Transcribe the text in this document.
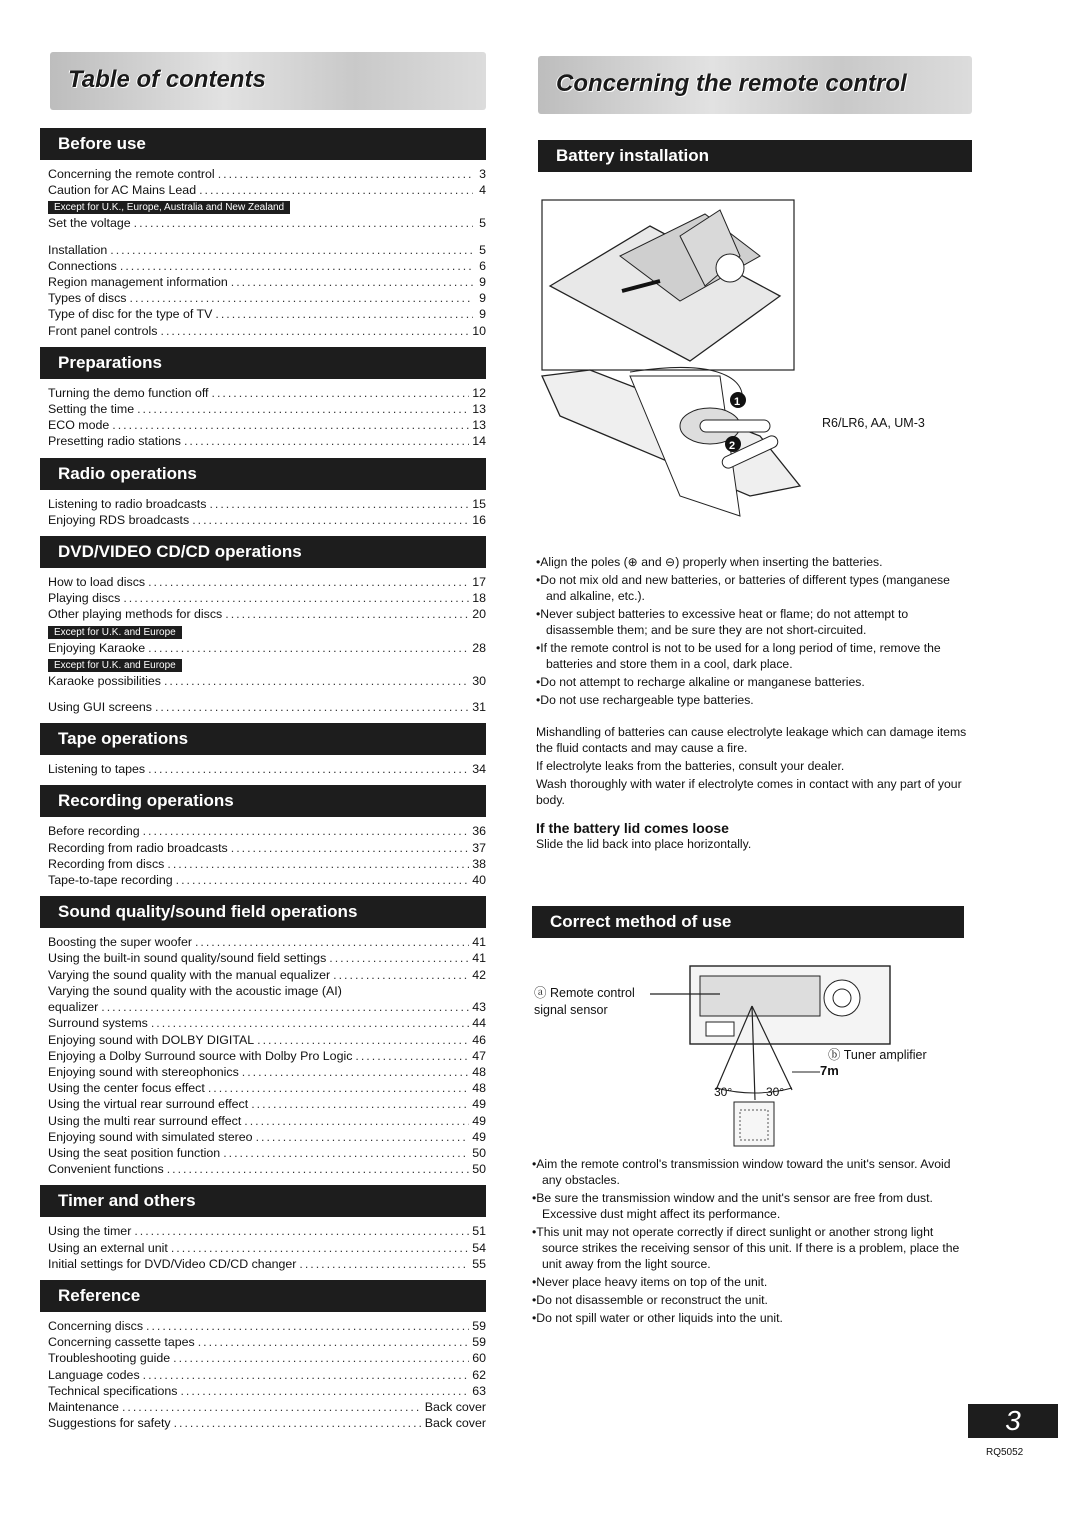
Table of contents	Concerning the remote control
Before use
Concerning the remote control .....	3
Caution for AC Mains Lead .....	4
Except for U.K., Europe, Australia and New Zealand
Set the voltage .....	5
Installation .....	5
Connections .....	6
Region management information .....	9
Types of discs .....	9
Type of disc for the type of TV .....	9
Front panel controls .....	10
Preparations
Turning the demo function off .....	12
Setting the time .....	13
ECO mode .....	13
Presetting radio stations .....	14
Radio operations
Listening to radio broadcasts .....	15
Enjoying RDS broadcasts .....	16
DVD/VIDEO CD/CD operations
How to load discs .....	17
Playing discs .....	18
Other playing methods for discs .....	20
Except for U.K. and Europe
Enjoying Karaoke .....	28
Except for U.K. and Europe
Karaoke possibilities .....	30
Using GUI screens .....	31
Tape operations
Listening to tapes .....	34
Recording operations
Before recording .....	36
Recording from radio broadcasts .....	37
Recording from discs .....	38
Tape-to-tape recording .....	40
Sound quality/sound field operations
Boosting the super woofer .....	41
Using the built-in sound quality/sound field settings .....	41
Varying the sound quality with the manual equalizer .....	42
Varying the sound quality with the acoustic image (AI)
equalizer .....	43
Surround systems .....	44
Enjoying sound with DOLBY DIGITAL .....	46
Enjoying a Dolby Surround source with Dolby Pro Logic .....	47
Enjoying sound with stereophonics .....	48
Using the center focus effect .....	48
Using the virtual rear surround effect .....	49
Using the multi rear surround effect .....	49
Enjoying sound with simulated stereo .....	49
Using the seat position function .....	50
Convenient functions .....	50
Timer and others
Using the timer .....	51
Using an external unit .....	54
Initial settings for DVD/Video CD/CD changer .....	55
Reference
Concerning discs .....	59
Concerning cassette tapes .....	59
Troubleshooting guide .....	60
Language codes .....	62
Technical specifications .....	63
Maintenance .....	Back cover
Suggestions for safety .....	Back cover
Battery installation
1
2
R6/LR6, AA, UM-3

•Align the poles (⊕ and ⊖) properly when inserting the batteries.

•Do not mix old and new batteries, or batteries of different types (manganese and alkaline, etc.).

•Never subject batteries to excessive heat or flame; do not attempt to disassemble them; and be sure they are not short-circuited.

•If the remote control is not to be used for a long period of time, remove the batteries and store them in a cool, dark place.

•Do not attempt to recharge alkaline or manganese batteries.

•Do not use rechargeable type batteries.

Mishandling of batteries can cause electrolyte leakage which can damage items the fluid contacts and may cause a fire.

If electrolyte leaks from the batteries, consult your dealer.

Wash thoroughly with water if electrolyte comes in contact with any part of your body.

If the battery lid comes loose
Slide the lid back into place horizontally.
Correct method of use
ⓐ Remote control signal sensor
ⓑ Tuner amplifier
7m
30°	30°

•Aim the remote control's transmission window toward the unit's sensor. Avoid any obstacles.

•Be sure the transmission window and the unit's sensor are free from dust. Excessive dust might affect its performance.

•This unit may not operate correctly if direct sunlight or another strong light source strikes the receiving sensor of this unit. If there is a problem, place the unit away from the light source.

•Never place heavy items on top of the unit.

•Do not disassemble or reconstruct the unit.

•Do not spill water or other liquids into the unit.

3
RQ5052
